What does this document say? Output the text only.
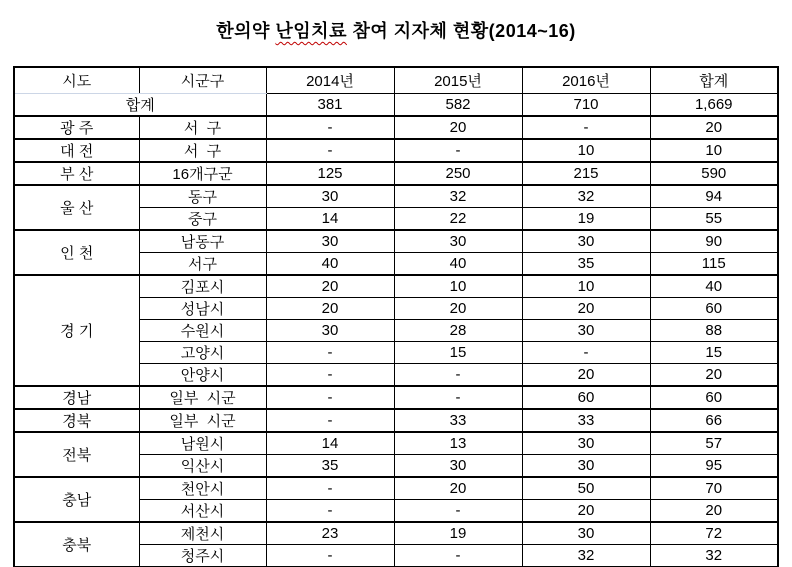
한의약 난임치료 참여 지자체 현황(2014~16)
시도	시군구	2014년	2015년	2016년	합계
합계		381	582	710	1,669
광 주	서  구	-	20	-	20
대 전	서  구	-	-	10	10
부 산	16개구군	125	250	215	590
울 산	동구	30	32	32	94
	중구	14	22	19	55
인 천	남동구	30	30	30	90
	서구	40	40	35	115
경 기	김포시	20	10	10	40
	성남시	20	20	20	60
	수원시	30	28	30	88
	고양시	-	15	-	15
	안양시	-	-	20	20
경남	일부  시군	-	-	60	60
경북	일부  시군	-	33	33	66
전북	남원시	14	13	30	57
	익산시	35	30	30	95
충남	천안시	-	20	50	70
	서산시	-	-	20	20
충북	제천시	23	19	30	72
	청주시	-	-	32	32
